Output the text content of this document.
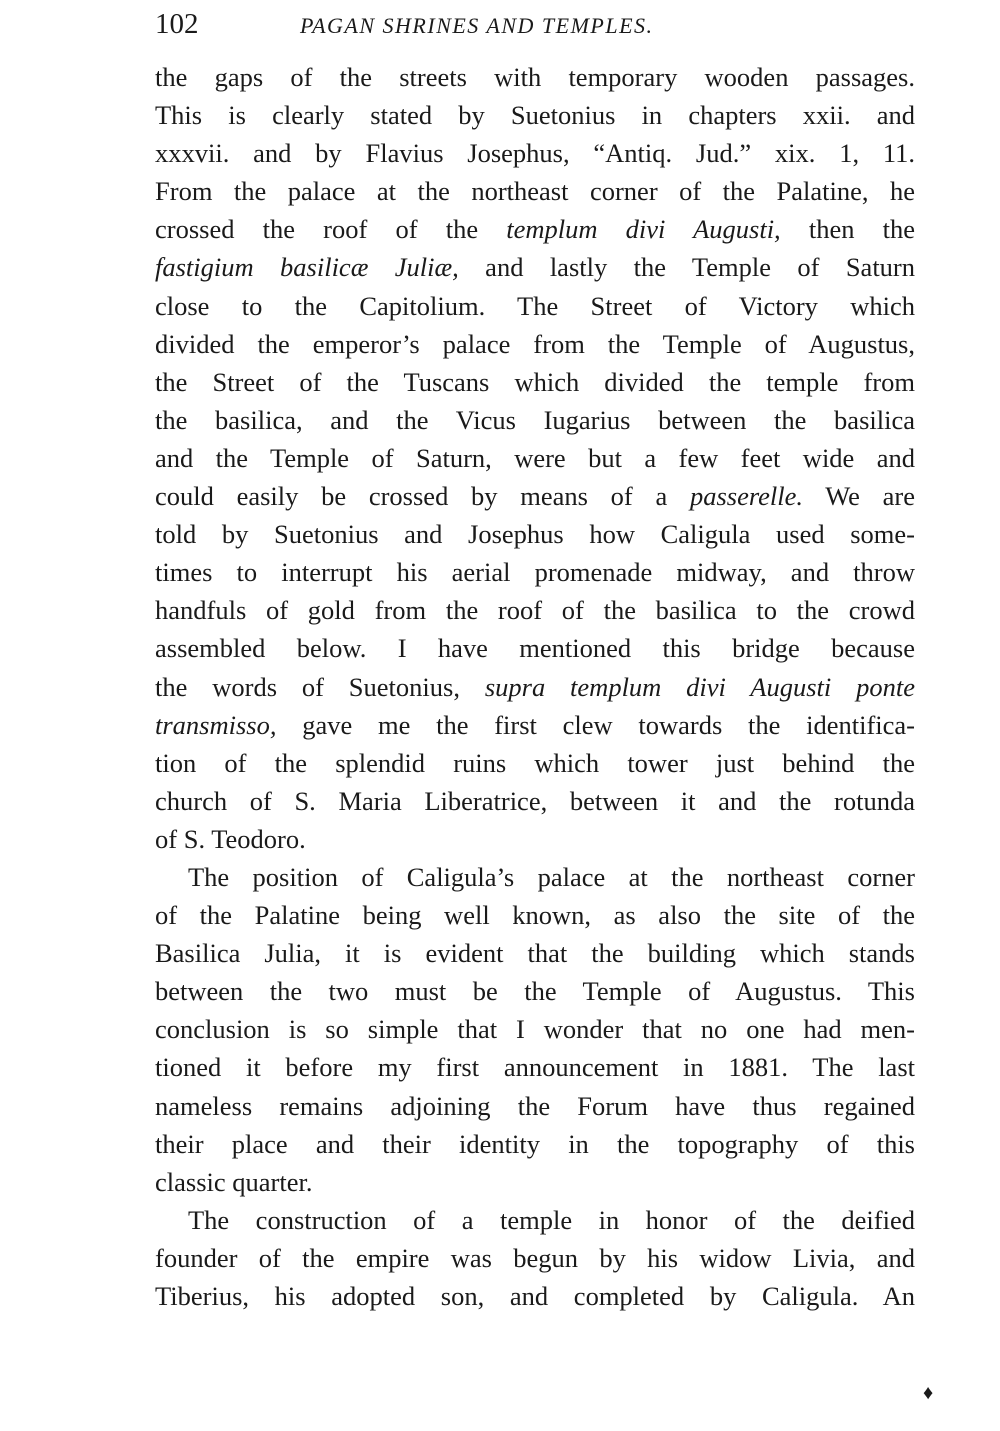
102	PAGAN SHRINES AND TEMPLES.
the gaps of the streets with temporary wooden passages.
This is clearly stated by Suetonius in chapters xxii. and
xxxvii. and by Flavius Josephus, “Antiq. Jud.” xix. 1, 11.
From the palace at the northeast corner of the Palatine, he
crossed the roof of the templum divi Augusti, then the
fastigium basilicæ Juliæ, and lastly the Temple of Saturn
close to the Capitolium. The Street of Victory which
divided the emperor’s palace from the Temple of Augustus,
the Street of the Tuscans which divided the temple from
the basilica, and the Vicus Iugarius between the basilica
and the Temple of Saturn, were but a few feet wide and
could easily be crossed by means of a passerelle. We are
told by Suetonius and Josephus how Caligula used some-
times to interrupt his aerial promenade midway, and throw
handfuls of gold from the roof of the basilica to the crowd
assembled below. I have mentioned this bridge because
the words of Suetonius, supra templum divi Augusti ponte
transmisso, gave me the first clew towards the identifica-
tion of the splendid ruins which tower just behind the
church of S. Maria Liberatrice, between it and the rotunda
of S. Teodoro.
The position of Caligula’s palace at the northeast corner
of the Palatine being well known, as also the site of the
Basilica Julia, it is evident that the building which stands
between the two must be the Temple of Augustus. This
conclusion is so simple that I wonder that no one had men-
tioned it before my first announcement in 1881. The last
nameless remains adjoining the Forum have thus regained
their place and their identity in the topography of this
classic quarter.
The construction of a temple in honor of the deified
founder of the empire was begun by his widow Livia, and
Tiberius, his adopted son, and completed by Caligula. An
♦
